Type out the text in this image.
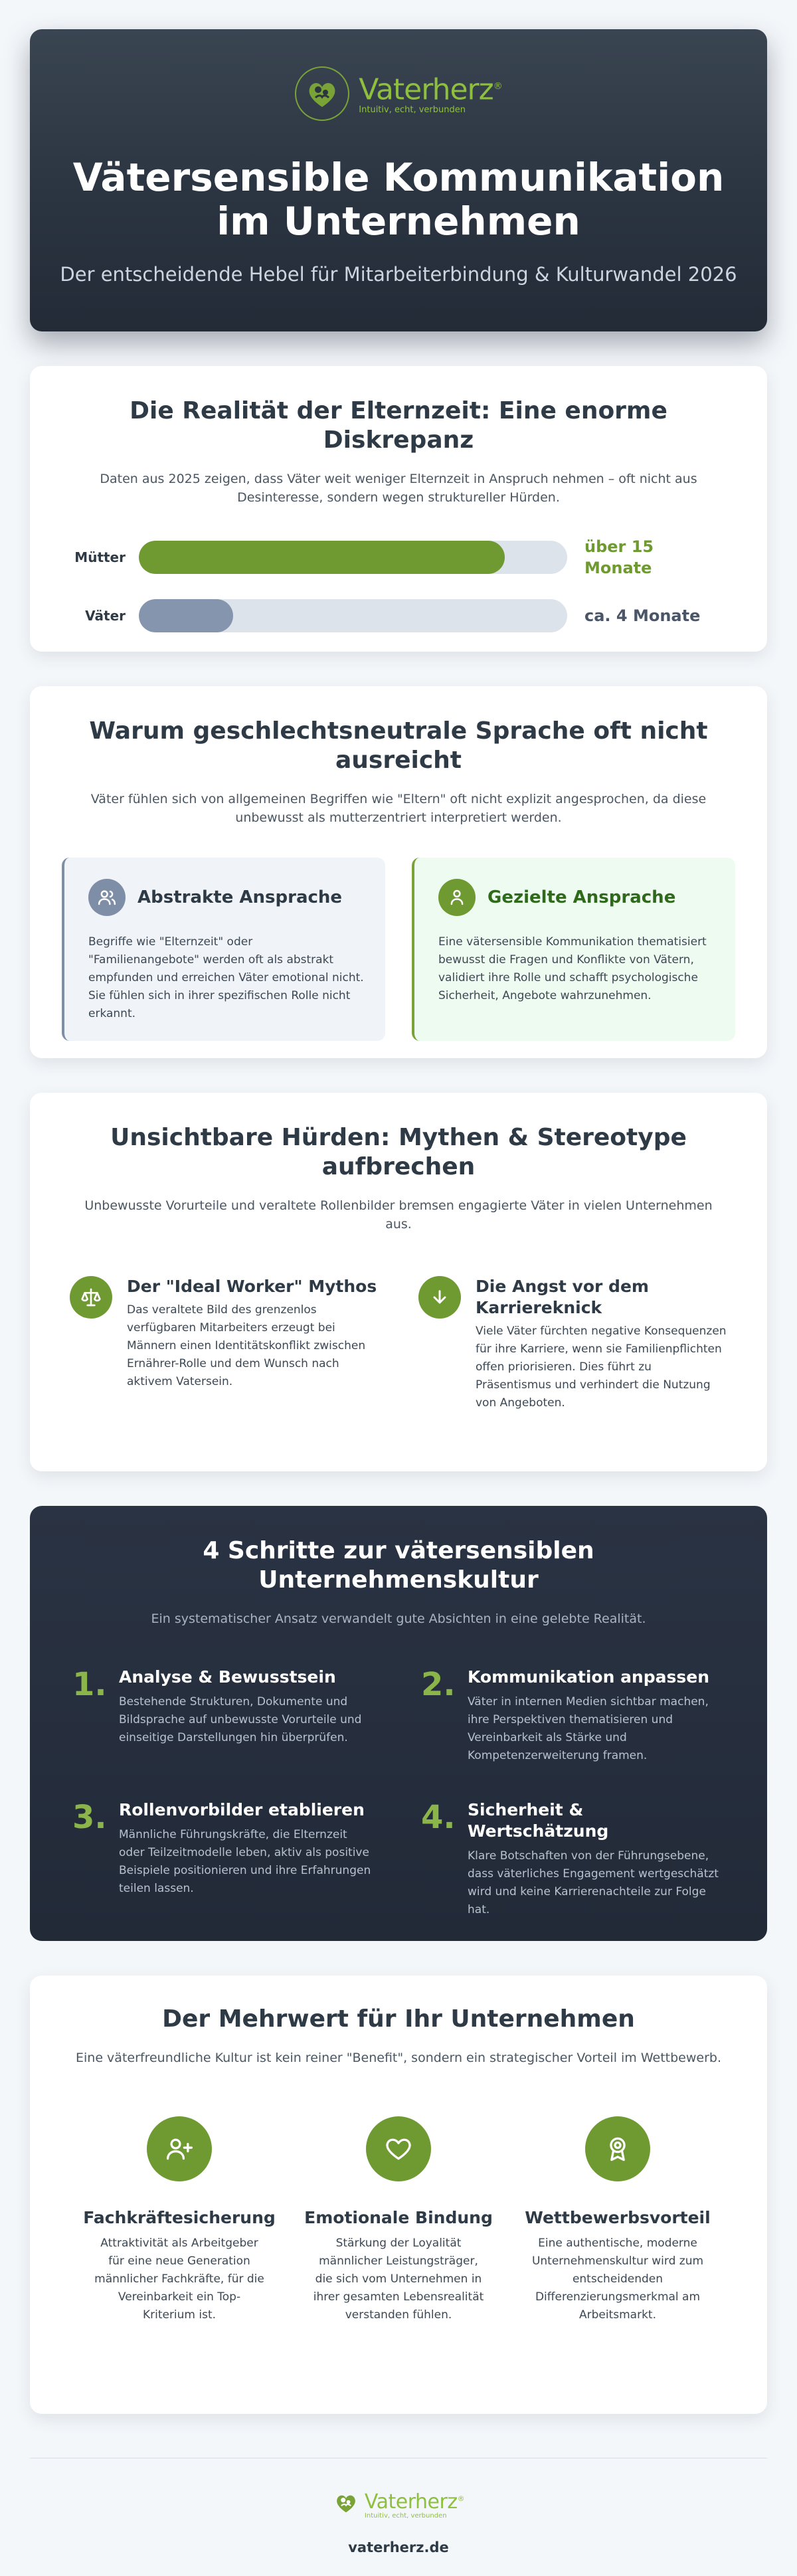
Vaterherz®
Intuitiv, echt, verbunden
Vätersensible Kommunikation im Unternehmen

Der entscheidende Hebel für Mitarbeiterbindung & Kulturwandel 2026

Die Realität der Elternzeit: Eine enorme Diskrepanz

Daten aus 2025 zeigen, dass Väter weit weniger Elternzeit in Anspruch nehmen – oft nicht aus Desinteresse, sondern wegen struktureller Hürden.

Mütter
über 15 Monate
Väter	ca. 4 Monate
Warum geschlechtsneutrale Sprache oft nicht ausreicht

Väter fühlen sich von allgemeinen Begriffen wie "Eltern" oft nicht explizit angesprochen, da diese unbewusst als mutterzentriert interpretiert werden.

Abstrakte Ansprache

Begriffe wie "Elternzeit" oder "Familienangebote" werden oft als abstrakt empfunden und erreichen Väter emotional nicht. Sie fühlen sich in ihrer spezifischen Rolle nicht erkannt.

Gezielte Ansprache

Eine vätersensible Kommunikation thematisiert bewusst die Fragen und Konflikte von Vätern, validiert ihre Rolle und schafft psychologische Sicherheit, Angebote wahrzunehmen.

Unsichtbare Hürden: Mythen & Stereotype aufbrechen

Unbewusste Vorurteile und veraltete Rollenbilder bremsen engagierte Väter in vielen Unternehmen aus.

Der "Ideal Worker" Mythos

Das veraltete Bild des grenzenlos verfügbaren Mitarbeiters erzeugt bei Männern einen Identitätskonflikt zwischen Ernährer-Rolle und dem Wunsch nach aktivem Vatersein.

Die Angst vor dem Karriereknick

Viele Väter fürchten negative Konsequenzen für ihre Karriere, wenn sie Familienpflichten offen priorisieren. Dies führt zu Präsentismus und verhindert die Nutzung von Angeboten.

4 Schritte zur vätersensiblen Unternehmenskultur

Ein systematischer Ansatz verwandelt gute Absichten in eine gelebte Realität.

1. Analyse & Bewusstsein

Bestehende Strukturen, Dokumente und Bildsprache auf unbewusste Vorurteile und einseitige Darstellungen hin überprüfen.

2. Kommunikation anpassen

Väter in internen Medien sichtbar machen, ihre Perspektiven thematisieren und Vereinbarkeit als Stärke und Kompetenzerweiterung framen.

3. Rollenvorbilder etablieren

Männliche Führungskräfte, die Elternzeit oder Teilzeitmodelle leben, aktiv als positive Beispiele positionieren und ihre Erfahrungen teilen lassen.

4. Sicherheit & Wertschätzung

Klare Botschaften von der Führungsebene, dass väterliches Engagement wertgeschätzt wird und keine Karrierenachteile zur Folge hat.

Der Mehrwert für Ihr Unternehmen

Eine väterfreundliche Kultur ist kein reiner "Benefit", sondern ein strategischer Vorteil im Wettbewerb.

Fachkräftesicherung

Attraktivität als Arbeitgeber für eine neue Generation männlicher Fachkräfte, für die Vereinbarkeit ein Top-Kriterium ist.

Emotionale Bindung

Stärkung der Loyalität männlicher Leistungsträger, die sich vom Unternehmen in ihrer gesamten Lebensrealität verstanden fühlen.

Wettbewerbsvorteil

Eine authentische, moderne Unternehmenskultur wird zum entscheidenden Differenzierungsmerkmal am Arbeitsmarkt.

Vaterherz®
Intuitiv, echt, verbunden
vaterherz.de
